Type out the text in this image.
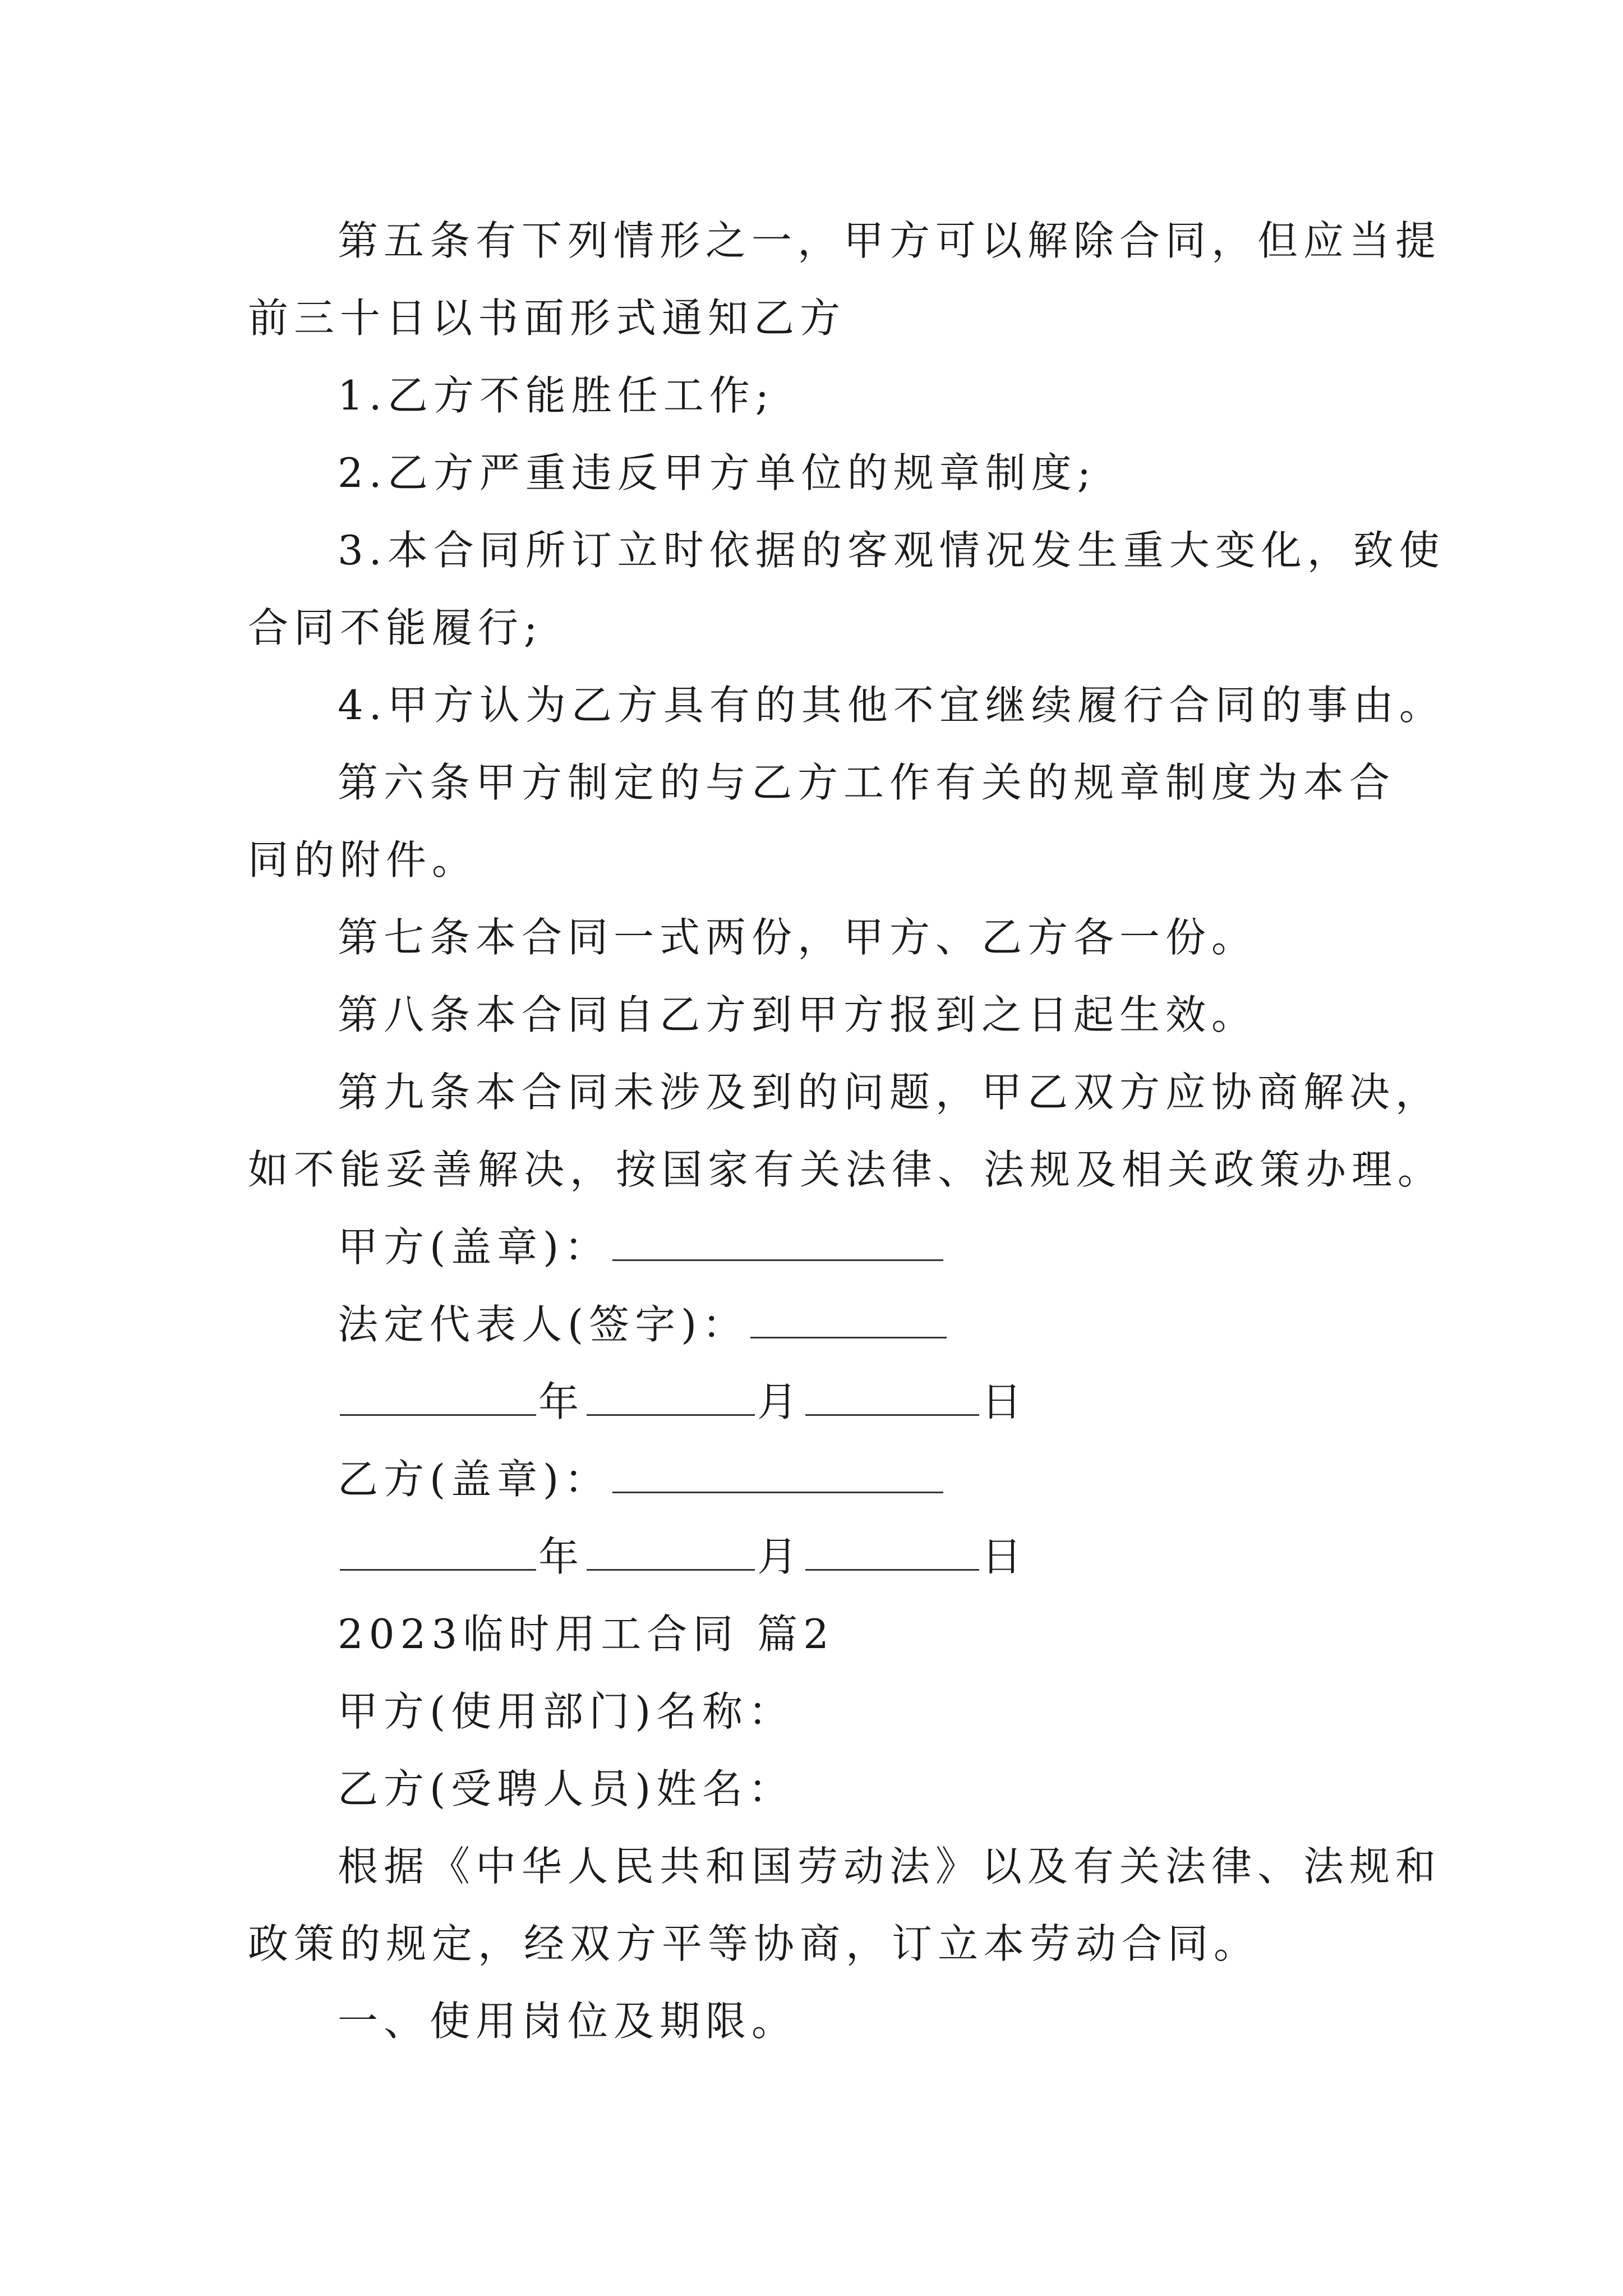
第五条有下列情形之一，甲方可以解除合同，但应当提
前三十日以书面形式通知乙方
1.乙方不能胜任工作;
2.乙方严重违反甲方单位的规章制度;
3.本合同所订立时依据的客观情况发生重大变化，致使
合同不能履行;
4.甲方认为乙方具有的其他不宜继续履行合同的事由。
第六条甲方制定的与乙方工作有关的规章制度为本合
同的附件。
第七条本合同一式两份，甲方、乙方各一份。
第八条本合同自乙方到甲方报到之日起生效。
第九条本合同未涉及到的问题，甲乙双方应协商解决，
如不能妥善解决，按国家有关法律、法规及相关政策办理。
甲方(盖章)：
法定代表人(签字)：
年	月	日
乙方(盖章)：
年	月	日
2023临时用工合同 篇2
甲方(使用部门)名称：
乙方(受聘人员)姓名：
根据《中华人民共和国劳动法》以及有关法律、法规和
政策的规定，经双方平等协商，订立本劳动合同。
一、使用岗位及期限。
